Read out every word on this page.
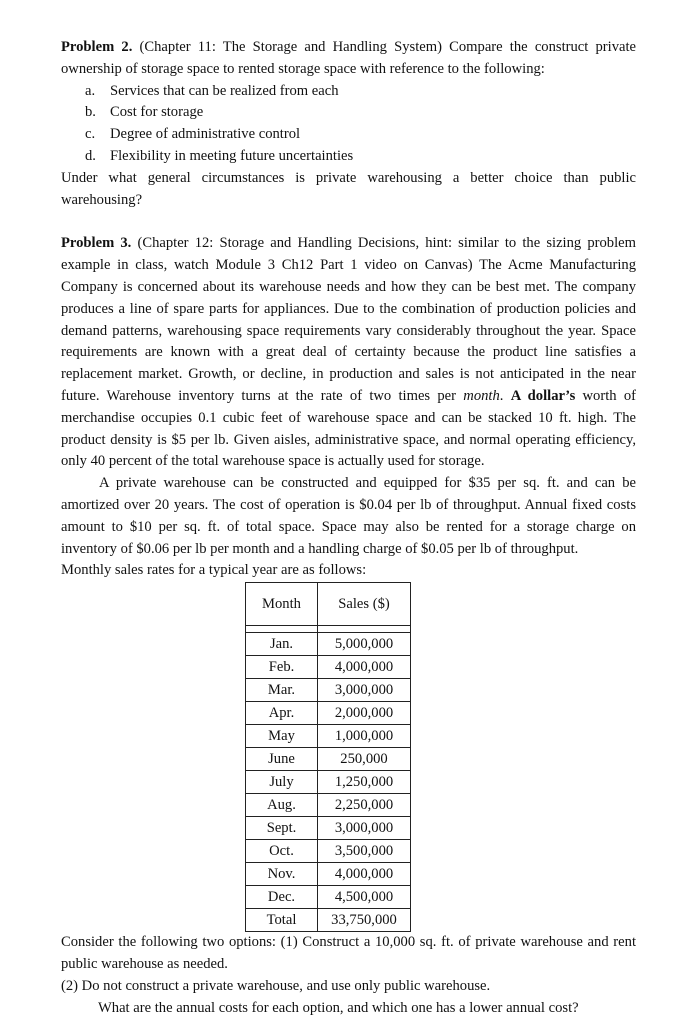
Problem 2. (Chapter 11: The Storage and Handling System) Compare the construct private ownership of storage space to rented storage space with reference to the following:

a. Services that can be realized from each
b. Cost for storage
c. Degree of administrative control
d. Flexibility in meeting future uncertainties

Under what general circumstances is private warehousing a better choice than public warehousing?

Problem 3. (Chapter 12: Storage and Handling Decisions, hint: similar to the sizing problem example in class, watch Module 3 Ch12 Part 1 video on Canvas) The Acme Manufacturing Company is concerned about its warehouse needs and how they can be best met. The company produces a line of spare parts for appliances. Due to the combination of production policies and demand patterns, warehousing space requirements vary considerably throughout the year. Space requirements are known with a great deal of certainty because the product line satisfies a replacement market. Growth, or decline, in production and sales is not anticipated in the near future. Warehouse inventory turns at the rate of two times per month. A dollar’s worth of merchandise occupies 0.1 cubic feet of warehouse space and can be stacked 10 ft. high. The product density is $5 per lb. Given aisles, administrative space, and normal operating efficiency, only 40 percent of the total warehouse space is actually used for storage.

A private warehouse can be constructed and equipped for $35 per sq. ft. and can be amortized over 20 years. The cost of operation is $0.04 per lb of throughput. Annual fixed costs amount to $10 per sq. ft. of total space. Space may also be rented for a storage charge on inventory of $0.06 per lb per month and a handling charge of $0.05 per lb of throughput.

Monthly sales rates for a typical year are as follows:

Month	Sales ($)

Jan.	5,000,000
Feb.	4,000,000
Mar.	3,000,000
Apr.	2,000,000
May	1,000,000
June	250,000
July	1,250,000
Aug.	2,250,000
Sept.	3,000,000
Oct.	3,500,000
Nov.	4,000,000
Dec.	4,500,000
Total	33,750,000

Consider the following two options: (1) Construct a 10,000 sq. ft. of private warehouse and rent public warehouse as needed.

(2) Do not construct a private warehouse, and use only public warehouse.

What are the annual costs for each option, and which one has a lower annual cost?
